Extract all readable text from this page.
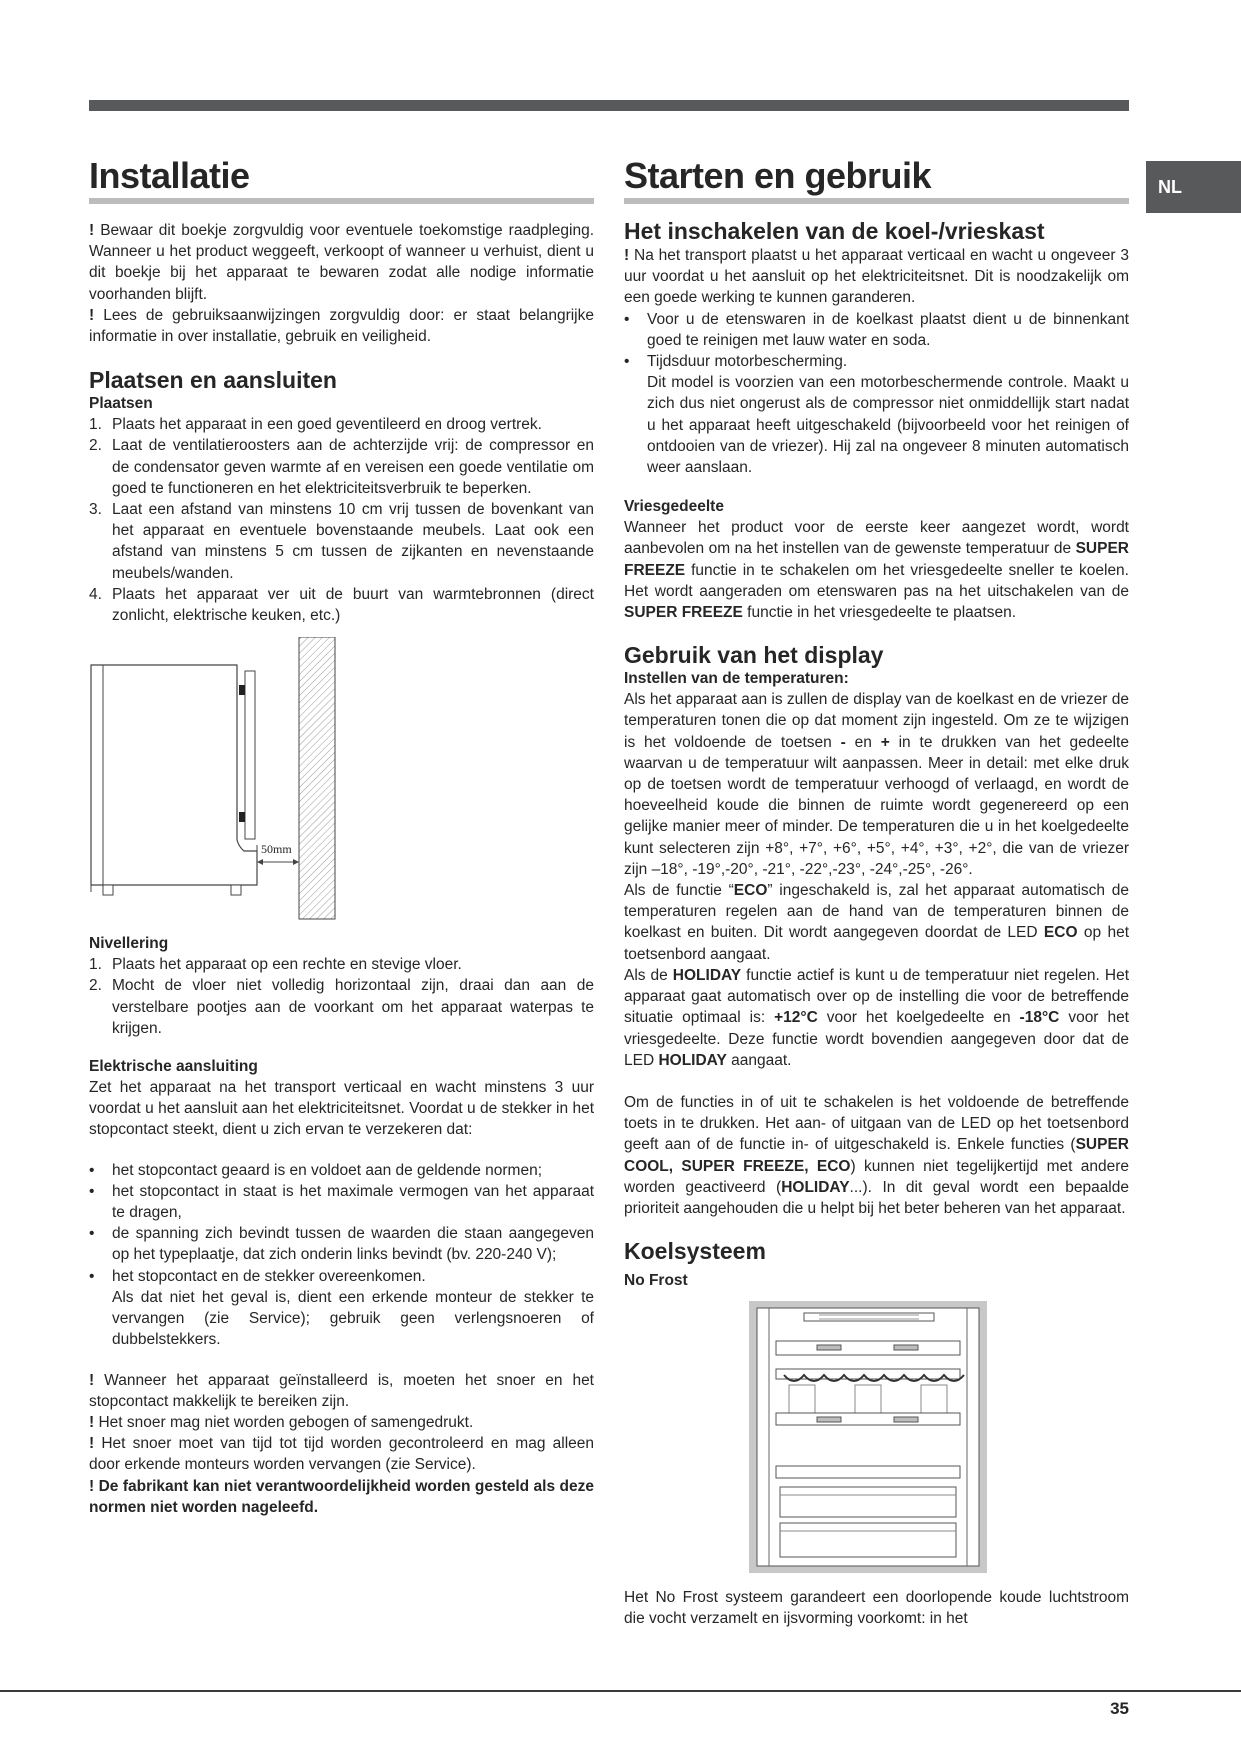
NL
Installatie

! Bewaar dit boekje zorgvuldig voor eventuele toekomstige raadpleging. Wanneer u het product weggeeft, verkoopt of wanneer u verhuist, dient u dit boekje bij het apparaat te bewaren zodat alle nodige informatie voorhanden blijft.

! Lees de gebruiksaanwijzingen zorgvuldig door: er staat belangrijke informatie in over installatie, gebruik en veiligheid.

Plaatsen en aansluiten
Plaatsen
1. Plaats het apparaat in een goed geventileerd en droog vertrek.
2. Laat de ventilatieroosters aan de achterzijde vrij: de compressor en de condensator geven warmte af en vereisen een goede ventilatie om goed te functioneren en het elektriciteitsverbruik te beperken.
3. Laat een afstand van minstens 10 cm vrij tussen de bovenkant van het apparaat en eventuele bovenstaande meubels. Laat ook een afstand van minstens 5 cm tussen de zijkanten en nevenstaande meubels/wanden.
4. Plaats het apparaat ver uit de buurt van warmtebronnen (direct zonlicht, elektrische keuken, etc.)
50mm
Nivellering
1. Plaats het apparaat op een rechte en stevige vloer.
2. Mocht de vloer niet volledig horizontaal zijn, draai dan aan de verstelbare pootjes aan de voorkant om het apparaat waterpas te krijgen.
Elektrische aansluiting

Zet het apparaat na het transport verticaal en wacht minstens 3 uur voordat u het aansluit aan het elektriciteitsnet. Voordat u de stekker in het stopcontact steekt, dient u zich ervan te verzekeren dat:

• het stopcontact geaard is en voldoet aan de geldende normen;
• het stopcontact in staat is het maximale vermogen van het apparaat te dragen,
• de spanning zich bevindt tussen de waarden die staan aangegeven op het typeplaatje, dat zich onderin links bevindt (bv. 220-240 V);
• het stopcontact en de stekker overeenkomen.
Als dat niet het geval is, dient een erkende monteur de stekker te vervangen (zie Service); gebruik geen verlengsnoeren of dubbelstekkers.

! Wanneer het apparaat geïnstalleerd is, moeten het snoer en het stopcontact makkelijk te bereiken zijn.

! Het snoer mag niet worden gebogen of samengedrukt.

! Het snoer moet van tijd tot tijd worden gecontroleerd en mag alleen door erkende monteurs worden vervangen (zie Service).

! De fabrikant kan niet verantwoordelijkheid worden gesteld als deze normen niet worden nageleefd.

Starten en gebruik
Het inschakelen van de koel-/vrieskast

! Na het transport plaatst u het apparaat verticaal en wacht u ongeveer 3 uur voordat u het aansluit op het elektriciteitsnet. Dit is noodzakelijk om een goede werking te kunnen garanderen.

• Voor u de etenswaren in de koelkast plaatst dient u de binnenkant goed te reinigen met lauw water en soda.
• Tijdsduur motorbescherming.
Dit model is voorzien van een motorbeschermende controle. Maakt u zich dus niet ongerust als de compressor niet onmiddellijk start nadat u het apparaat heeft uitgeschakeld (bijvoorbeeld voor het reinigen of ontdooien van de vriezer). Hij zal na ongeveer 8 minuten automatisch weer aanslaan.
Vriesgedeelte

Wanneer het product voor de eerste keer aangezet wordt, wordt aanbevolen om na het instellen van de gewenste temperatuur de SUPER FREEZE functie in te schakelen om het vriesgedeelte sneller te koelen. Het wordt aangeraden om etenswaren pas na het uitschakelen van de SUPER FREEZE functie in het vriesgedeelte te plaatsen.

Gebruik van het display
Instellen van de temperaturen:

Als het apparaat aan is zullen de display van de koelkast en de vriezer de temperaturen tonen die op dat moment zijn ingesteld. Om ze te wijzigen is het voldoende de toetsen - en + in te drukken van het gedeelte waarvan u de temperatuur wilt aanpassen. Meer in detail: met elke druk op de toetsen wordt de temperatuur verhoogd of verlaagd, en wordt de hoeveelheid koude die binnen de ruimte wordt gegenereerd op een gelijke manier meer of minder. De temperaturen die u in het koelgedeelte kunt selecteren zijn +8°, +7°, +6°, +5°, +4°, +3°, +2°, die van de vriezer zijn –18°, -19°,-20°, -21°, -22°,-23°, -24°,-25°, -26°.

Als de functie “ECO” ingeschakeld is, zal het apparaat automatisch de temperaturen regelen aan de hand van de temperaturen binnen de koelkast en buiten. Dit wordt aangegeven doordat de LED ECO op het toetsenbord aangaat.

Als de HOLIDAY functie actief is kunt u de temperatuur niet regelen. Het apparaat gaat automatisch over op de instelling die voor de betreffende situatie optimaal is: +12°C voor het koelgedeelte en -18°C voor het vriesgedeelte. Deze functie wordt bovendien aangegeven door dat de LED HOLIDAY aangaat.

Om de functies in of uit te schakelen is het voldoende de betreffende toets in te drukken. Het aan- of uitgaan van de LED op het toetsenbord geeft aan of de functie in- of uitgeschakeld is. Enkele functies (SUPER COOL, SUPER FREEZE, ECO) kunnen niet tegelijkertijd met andere worden geactiveerd (HOLIDAY...). In dit geval wordt een bepaalde prioriteit aangehouden die u helpt bij het beter beheren van het apparaat.

Koelsysteem
No Frost

Het No Frost systeem garandeert een doorlopende koude luchtstroom die vocht verzamelt en ijsvorming voorkomt: in het

35
